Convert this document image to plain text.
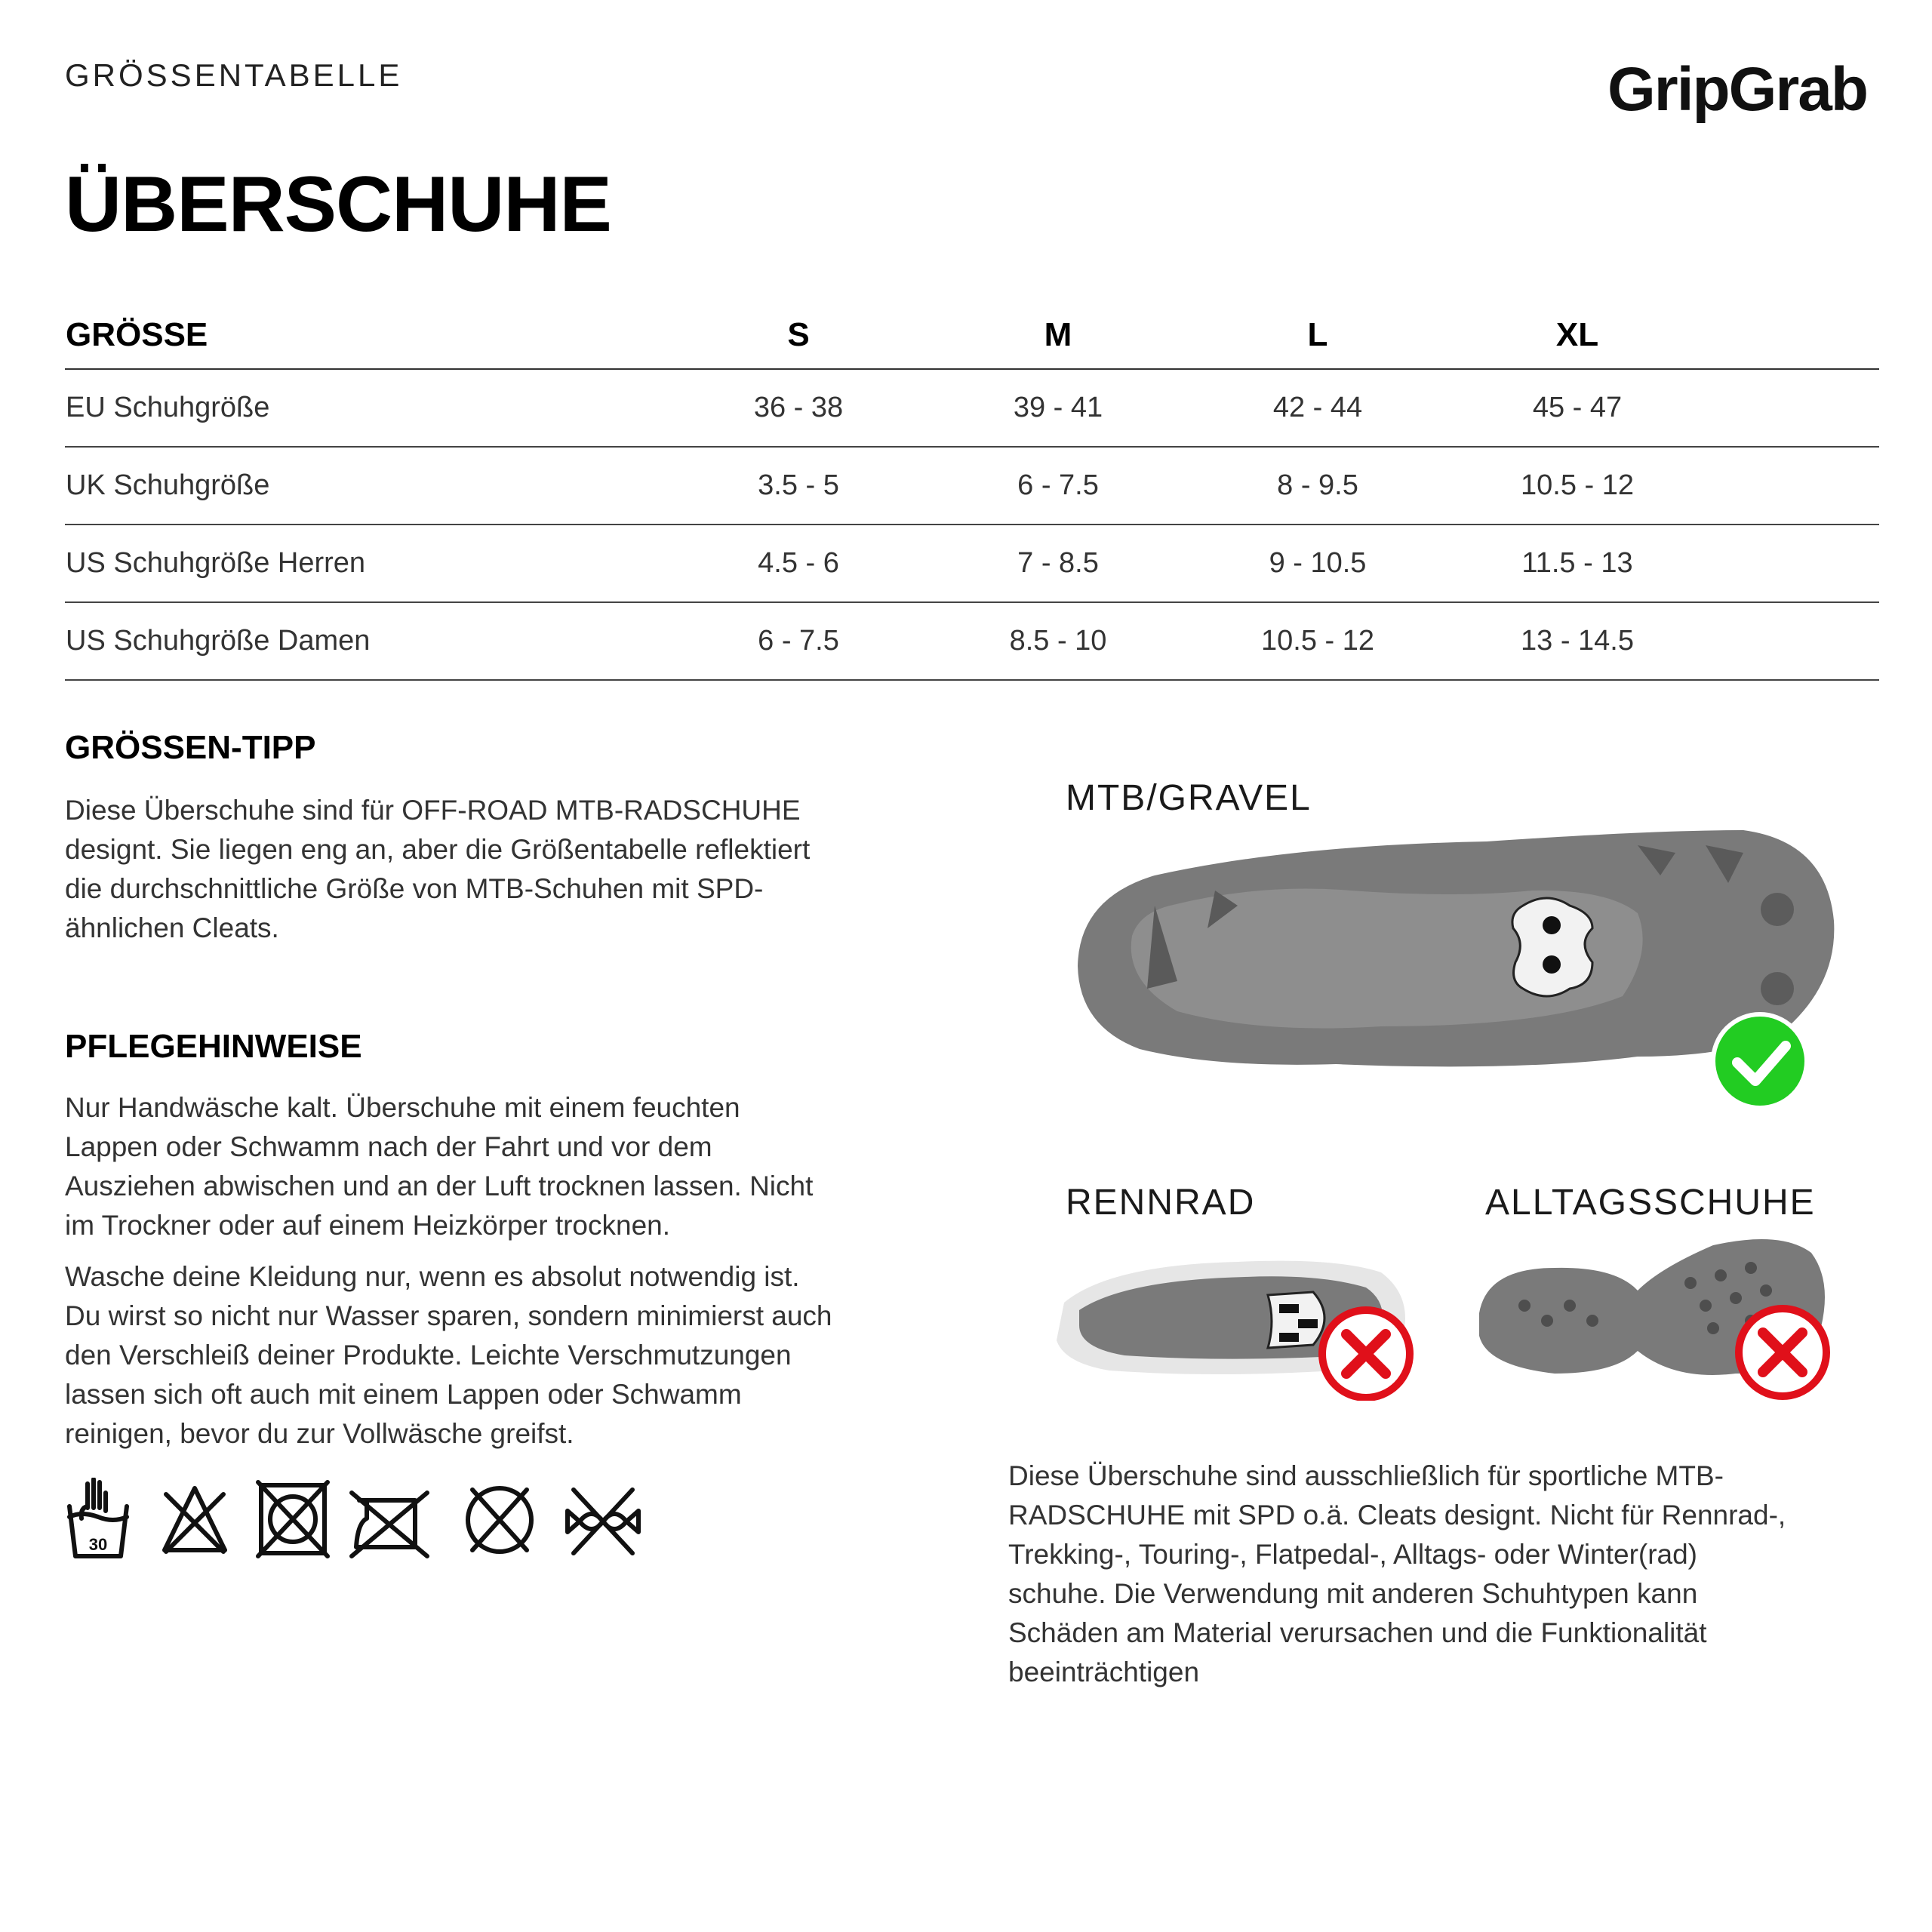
GRÖSSENTABELLE	GripGrab
ÜBERSCHUHE
GRÖSSE	S	M	L	XL	
EU Schuhgröße	36 - 38	39 - 41	42 - 44	45 - 47	
UK Schuhgröße	3.5 - 5	6 - 7.5	8 - 9.5	10.5 - 12	
US Schuhgröße Herren	4.5 - 6	7 - 8.5	9 - 10.5	11.5 - 13	
US Schuhgröße Damen	6 - 7.5	8.5 - 10	10.5 - 12	13 - 14.5	
GRÖSSEN-TIPP
Diese Überschuhe sind für OFF-ROAD MTB-RADSCHUHE
designt. Sie liegen eng an, aber die Größentabelle reflektiert
die durchschnittliche Größe von MTB-Schuhen mit SPD-
ähnlichen Cleats.
PFLEGEHINWEISE
Nur Handwäsche kalt. Überschuhe mit einem feuchten
Lappen oder Schwamm nach der Fahrt und vor dem
Ausziehen abwischen und an der Luft trocknen lassen. Nicht
im Trockner oder auf einem Heizkörper trocknen.
Wasche deine Kleidung nur, wenn es absolut notwendig ist.
Du wirst so nicht nur Wasser sparen, sondern minimierst auch
den Verschleiß deiner Produkte. Leichte Verschmutzungen
lassen sich oft auch mit einem Lappen oder Schwamm
reinigen, bevor du zur Vollwäsche greifst.
30
MTB/GRAVEL
RENNRAD	ALLTAGSSCHUHE
Diese Überschuhe sind ausschließlich für sportliche MTB-
RADSCHUHE mit SPD o.ä. Cleats designt. Nicht für Rennrad-,
Trekking-, Touring-, Flatpedal-, Alltags- oder Winter(rad)
schuhe. Die Verwendung mit anderen Schuhtypen kann
Schäden am Material verursachen und die Funktionalität
beeinträchtigen
